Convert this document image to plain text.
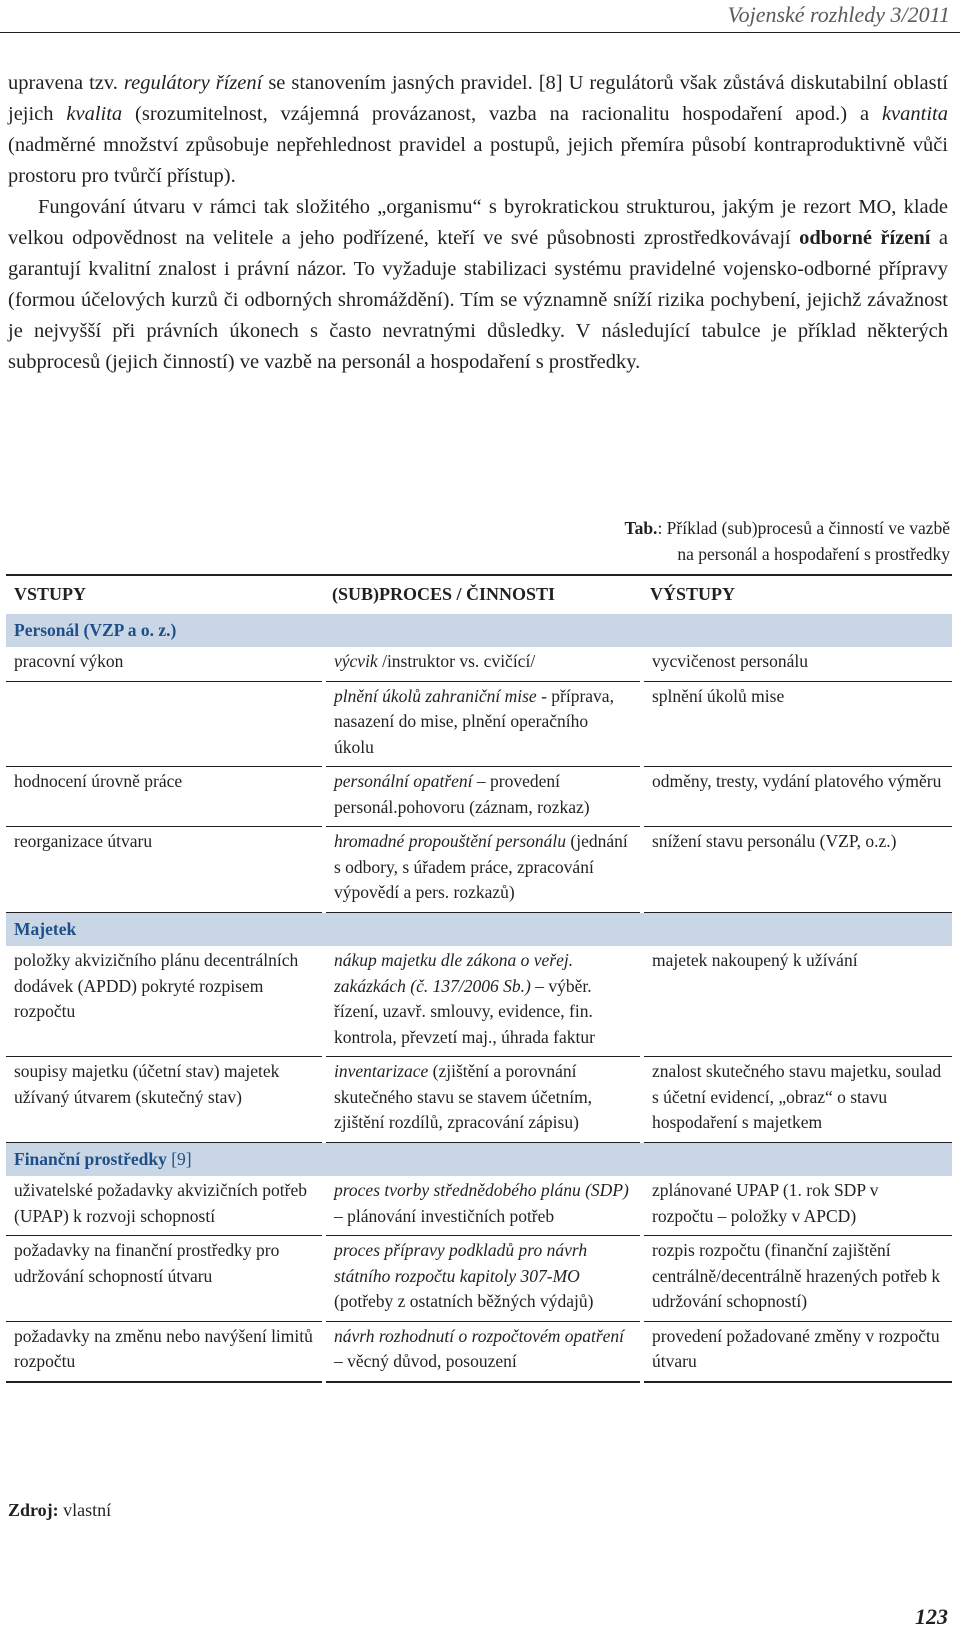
Vojenské rozhledy 3/2011

upravena tzv. regulátory řízení se stanovením jasných pravidel. [8] U regulátorů však zůstává diskutabilní oblastí jejich kvalita (srozumitelnost, vzájemná provázanost, vazba na racionalitu hospodaření apod.) a kvantita (nadměrné množství způsobuje nepřehlednost pravidel a postupů, jejich přemíra působí kontraproduktivně vůči prostoru pro tvůrčí přístup).

Fungování útvaru v rámci tak složitého „organismu“ s byrokratickou strukturou, jakým je rezort MO, klade velkou odpovědnost na velitele a jeho podřízené, kteří ve své působnosti zprostředkovávají odborné řízení a garantují kvalitní znalost i právní názor. To vyžaduje stabilizaci systému pravidelné vojensko-odborné přípravy (formou účelových kurzů či odborných shromáždění). Tím se významně sníží rizika pochybení, jejichž závažnost je nejvyšší při právních úkonech s často nevratnými důsledky. V následující tabulce je příklad některých subprocesů (jejich činností) ve vazbě na personál a hospodaření s prostředky.

Tab.: Příklad (sub)procesů a činností ve vazbě
na personál a hospodaření s prostředky
VSTUPY	(SUB)PROCES / ČINNOSTI	VÝSTUPY
Personál (VZP a o. z.)		
pracovní výkon	výcvik /instruktor vs. cvičící/	vycvičenost personálu
	plnění úkolů zahraniční mise - příprava, nasazení do mise, plnění operačního úkolu	splnění úkolů mise
hodnocení úrovně práce	personální opatření – provedení personál.pohovoru (záznam, rozkaz)	odměny, tresty, vydání platového výměru
reorganizace útvaru	hromadné propouštění personálu (jednání s odbory, s úřadem práce, zpracování výpovědí a pers. rozkazů)	snížení stavu personálu (VZP, o.z.)
Majetek		
položky akvizičního plánu decentrálních dodávek (APDD) pokryté rozpisem rozpočtu	nákup majetku dle zákona o veřej. zakázkách (č. 137/2006 Sb.) – výběr. řízení, uzavř. smlouvy, evidence, fin. kontrola, převzetí maj., úhrada faktur	majetek nakoupený k užívání
soupisy majetku (účetní stav) majetek užívaný útvarem (skutečný stav)	inventarizace (zjištění a porovnání skutečného stavu se stavem účetním, zjištění rozdílů, zpracování zápisu)	znalost skutečného stavu majetku, soulad s účetní evidencí, „obraz“ o stavu hospodaření s majetkem
Finanční prostředky [9]		
uživatelské požadavky akvizičních potřeb (UPAP) k rozvoji schopností	proces tvorby střednědobého plánu (SDP) – plánování investičních potřeb	zplánované UPAP (1. rok SDP v rozpočtu – položky v APCD)
požadavky na finanční prostředky pro udržování schopností útvaru	proces přípravy podkladů pro návrh státního rozpočtu kapitoly 307-MO (potřeby z ostatních běžných výdajů)	rozpis rozpočtu (finanční zajištění centrálně/decentrálně hrazených potřeb k udržování schopností)
požadavky na změnu nebo navýšení limitů rozpočtu	návrh rozhodnutí o rozpočtovém opatření – věcný důvod, posouzení	provedení požadované změny v rozpočtu útvaru
Zdroj: vlastní
123
